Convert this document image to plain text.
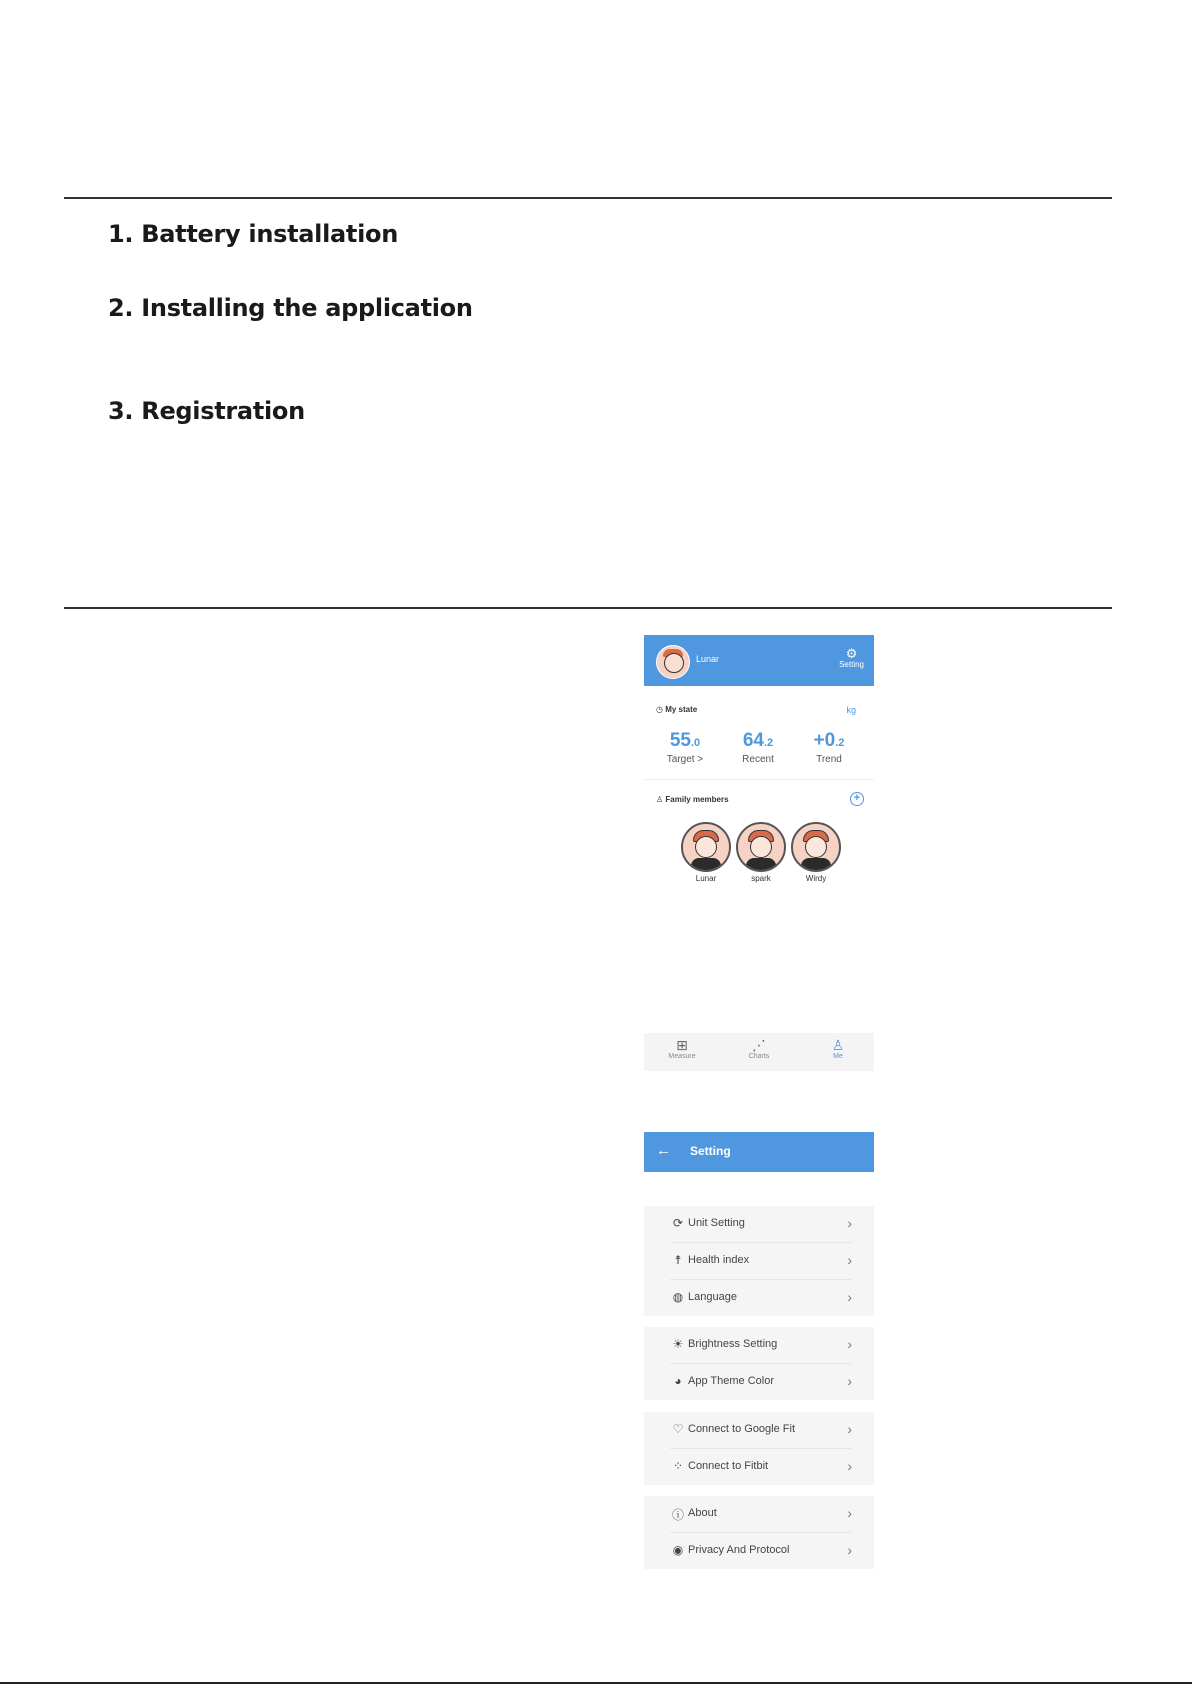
1. Battery installation
2. Installing the application
3. Registration
Lunar	⚙
Setting
◷ My state	kg
55.0
Target >
64.2
Recent
+0.2
Trend
♙ Family members	+
Lunar	spark	Wirdy
⊞
Measure
⋰
Charts
♙
Me
← Setting
⟳ Unit Setting	›
☨ Health index	›
◍ Language	›
☀ Brightness Setting	›
◕ App Theme Color	›
♡ Connect to Google Fit	›
⁘ Connect to Fitbit	›
ⓘ About	›
◉ Privacy And Protocol	›
